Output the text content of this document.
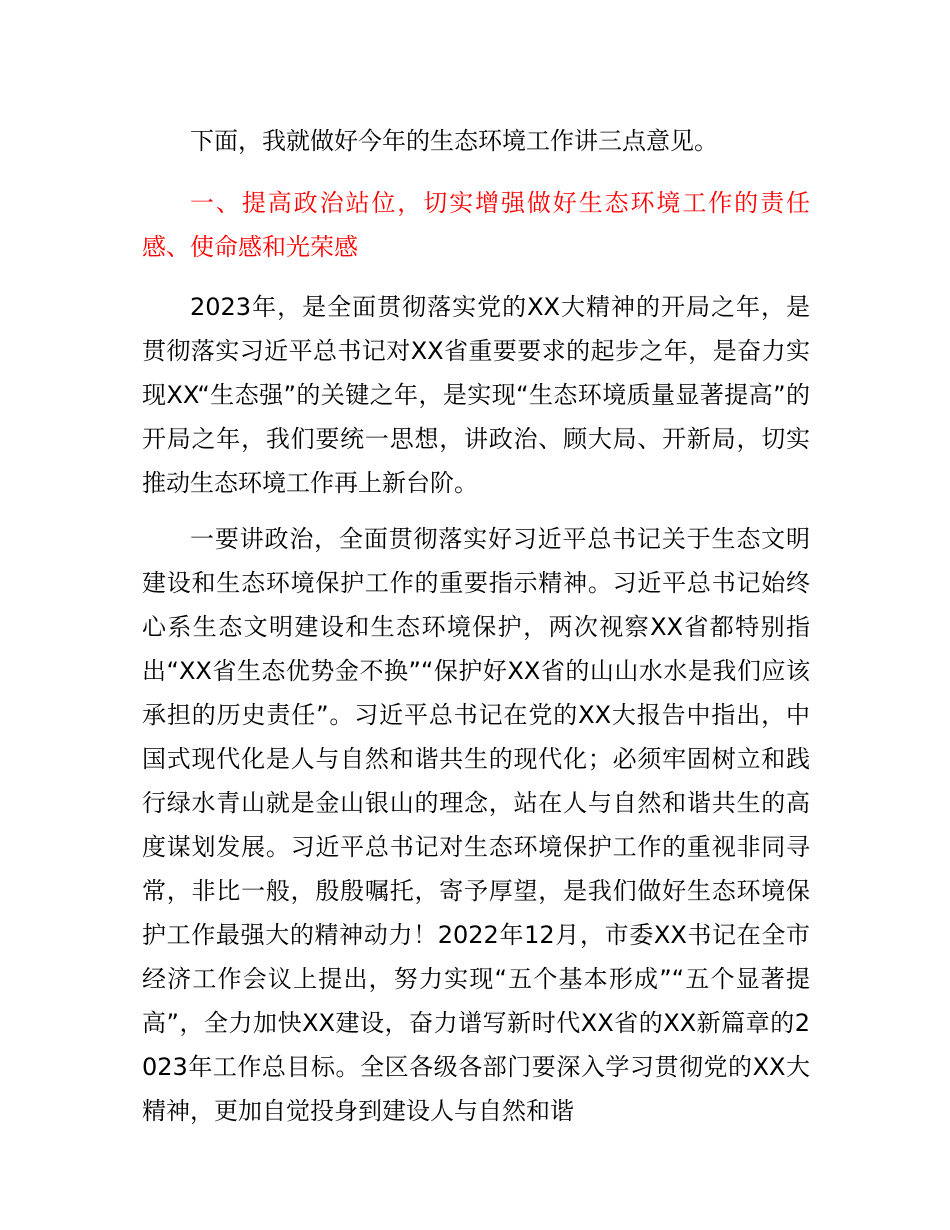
下面，我就做好今年的生态环境工作讲三点意见。

一、提高政治站位，切实增强做好生态环境工作的责任感、使命感和光荣感

2023年，是全面贯彻落实党的XX大精神的开局之年，是贯彻落实习近平总书记对XX省重要要求的起步之年，是奋力实现XX“生态强”的关键之年，是实现“生态环境质量显著提高”的开局之年，我们要统一思想，讲政治、顾大局、开新局，切实推动生态环境工作再上新台阶。

一要讲政治，全面贯彻落实好习近平总书记关于生态文明建设和生态环境保护工作的重要指示精神。习近平总书记始终心系生态文明建设和生态环境保护，两次视察XX省都特别指出“XX省生态优势金不换”“保护好XX省的山山水水是我们应该承担的历史责任”。习近平总书记在党的XX大报告中指出，中国式现代化是人与自然和谐共生的现代化；必须牢固树立和践行绿水青山就是金山银山的理念，站在人与自然和谐共生的高度谋划发展。习近平总书记对生态环境保护工作的重视非同寻常，非比一般，殷殷嘱托，寄予厚望，是我们做好生态环境保护工作最强大的精神动力！2022年12月，市委XX书记在全市经济工作会议上提出，努力实现“五个基本形成”“五个显著提高”，全力加快XX建设，奋力谱写新时代XX省的XX新篇章的2023年工作总目标。全区各级各部门要深入学习贯彻党的XX大精神，更加自觉投身到建设人与自然和谐
